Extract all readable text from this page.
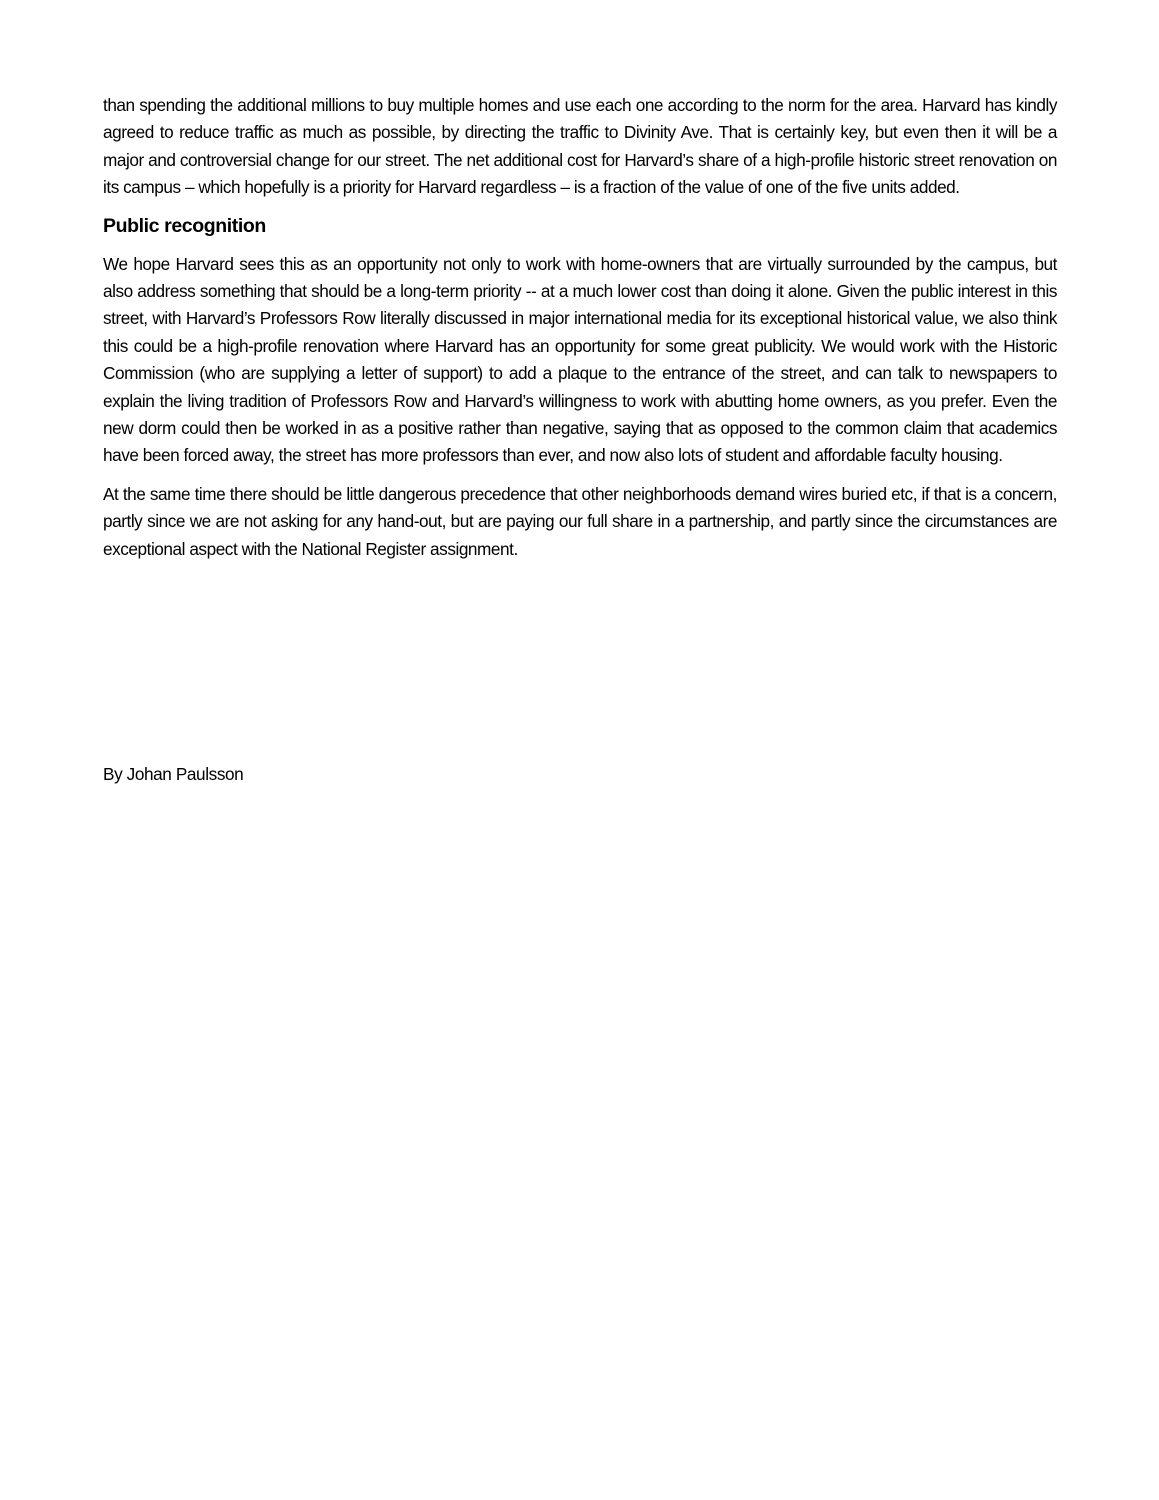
than spending the additional millions to buy multiple homes and use each one according to the norm for the area. Harvard has kindly agreed to reduce traffic as much as possible, by directing the traffic to Divinity Ave. That is certainly key, but even then it will be a major and controversial change for our street. The net additional cost for Harvard’s share of a high-profile historic street renovation on its campus – which hopefully is a priority for Harvard regardless – is a fraction of the value of one of the five units added.

Public recognition

We hope Harvard sees this as an opportunity not only to work with home-owners that are virtually surrounded by the campus, but also address something that should be a long-term priority -- at a much lower cost than doing it alone. Given the public interest in this street, with Harvard’s Professors Row literally discussed in major international media for its exceptional historical value, we also think this could be a high-profile renovation where Harvard has an opportunity for some great publicity. We would work with the Historic Commission (who are supplying a letter of support) to add a plaque to the entrance of the street, and can talk to newspapers to explain the living tradition of Professors Row and Harvard’s willingness to work with abutting home owners, as you prefer. Even the new dorm could then be worked in as a positive rather than negative, saying that as opposed to the common claim that academics have been forced away, the street has more professors than ever, and now also lots of student and affordable faculty housing.

At the same time there should be little dangerous precedence that other neighborhoods demand wires buried etc, if that is a concern, partly since we are not asking for any hand-out, but are paying our full share in a partnership, and partly since the circumstances are exceptional aspect with the National Register assignment.

By Johan Paulsson
